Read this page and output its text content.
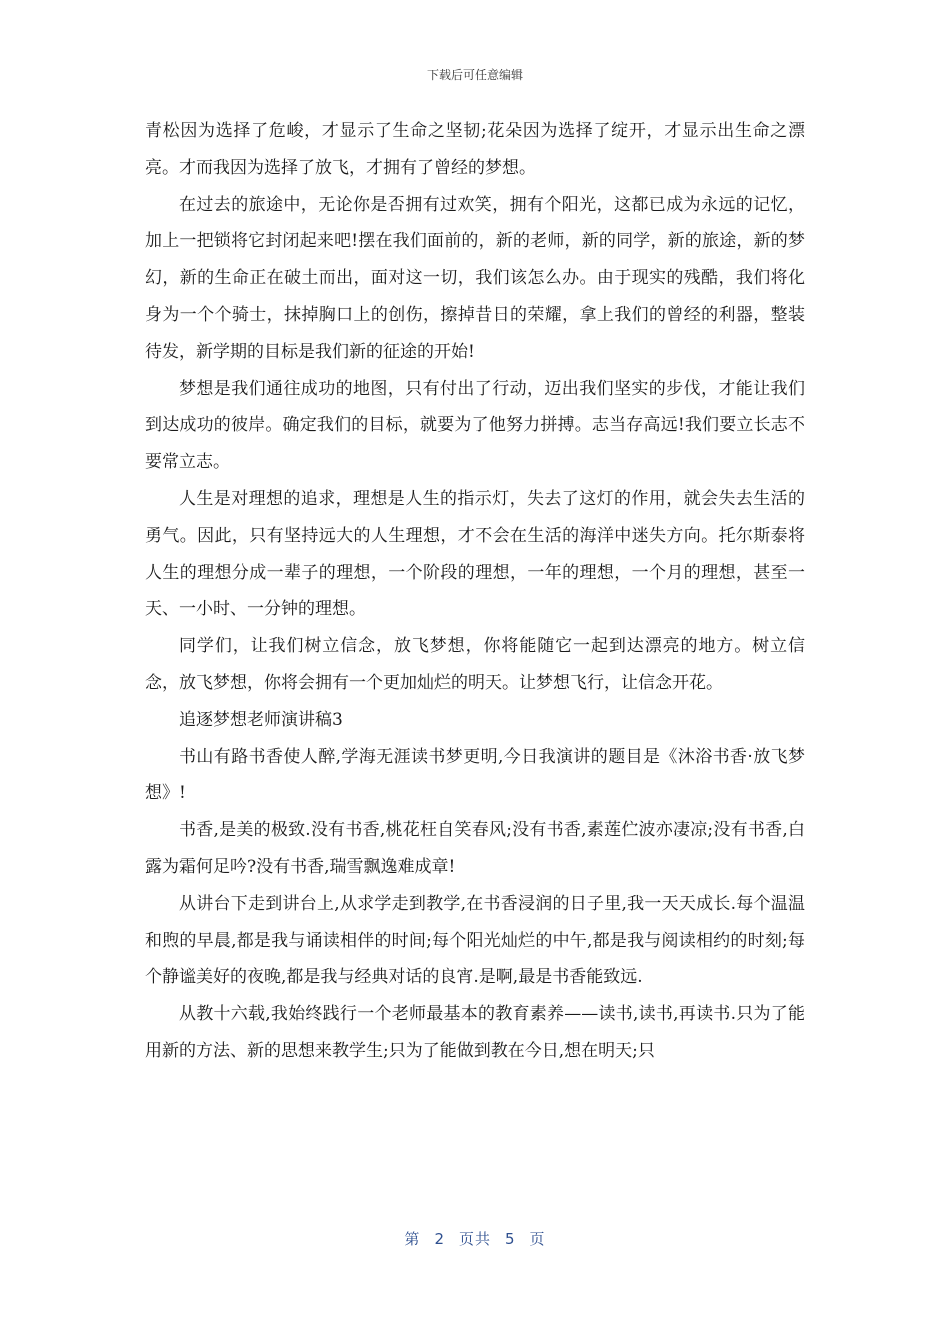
下载后可任意编辑

青松因为选择了危峻，才显示了生命之坚韧;花朵因为选择了绽开，才显示出生命之漂亮。才而我因为选择了放飞，才拥有了曾经的梦想。

在过去的旅途中，无论你是否拥有过欢笑，拥有个阳光，这都已成为永远的记忆，加上一把锁将它封闭起来吧!摆在我们面前的，新的老师，新的同学，新的旅途，新的梦幻，新的生命正在破土而出，面对这一切，我们该怎么办。由于现实的残酷，我们将化身为一个个骑士，抹掉胸口上的创伤，擦掉昔日的荣耀，拿上我们的曾经的利器，整装待发，新学期的目标是我们新的征途的开始!

梦想是我们通往成功的地图，只有付出了行动，迈出我们坚实的步伐，才能让我们到达成功的彼岸。确定我们的目标，就要为了他努力拼搏。志当存高远!我们要立长志不要常立志。

人生是对理想的追求，理想是人生的指示灯，失去了这灯的作用，就会失去生活的勇气。因此，只有坚持远大的人生理想，才不会在生活的海洋中迷失方向。托尔斯泰将人生的理想分成一辈子的理想，一个阶段的理想，一年的理想，一个月的理想，甚至一天、一小时、一分钟的理想。

同学们，让我们树立信念，放飞梦想，你将能随它一起到达漂亮的地方。树立信念，放飞梦想，你将会拥有一个更加灿烂的明天。让梦想飞行，让信念开花。

追逐梦想老师演讲稿3

书山有路书香使人醉,学海无涯读书梦更明,今日我演讲的题目是《沐浴书香·放飞梦想》!

书香,是美的极致.没有书香,桃花枉自笑春风;没有书香,素莲伫波亦凄凉;没有书香,白露为霜何足吟?没有书香,瑞雪飘逸难成章!

从讲台下走到讲台上,从求学走到教学,在书香浸润的日子里,我一天天成长.每个温温和煦的早晨,都是我与诵读相伴的时间;每个阳光灿烂的中午,都是我与阅读相约的时刻;每个静谧美好的夜晚,都是我与经典对话的良宵.是啊,最是书香能致远.

从教十六载,我始终践行一个老师最基本的教育素养——读书,读书,再读书.只为了能用新的方法、新的思想来教学生;只为了能做到教在今日,想在明天;只

第 2 页共 5 页
